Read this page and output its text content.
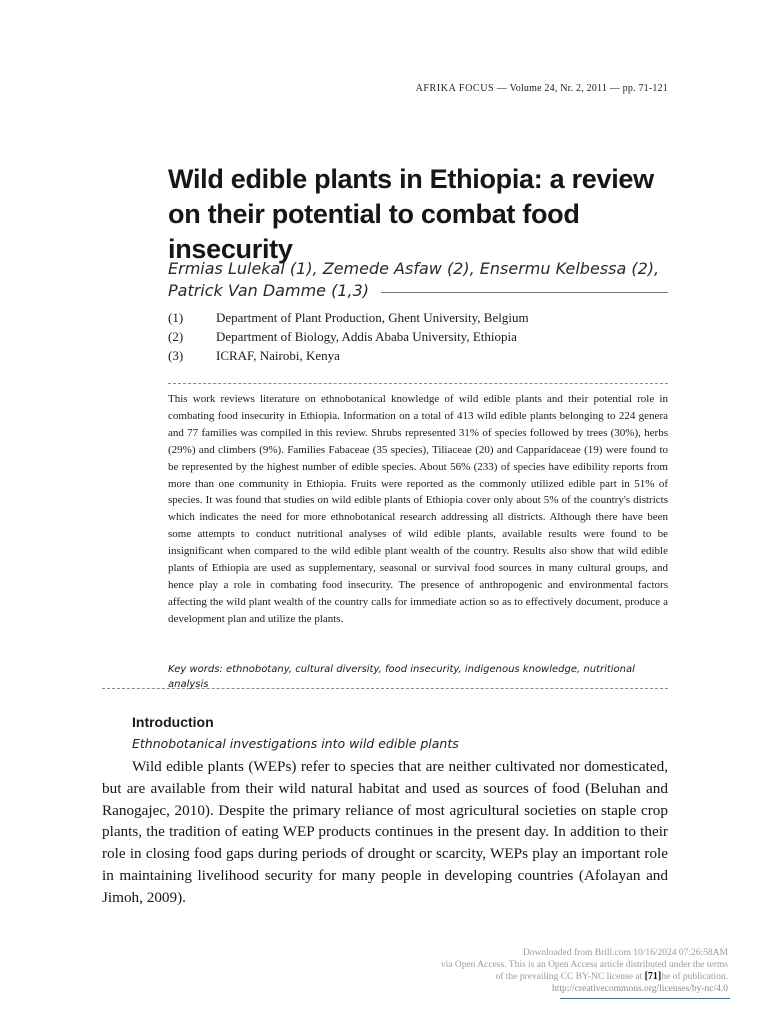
AFRIKA FOCUS — Volume 24, Nr. 2, 2011 — pp. 71-121
Wild edible plants in Ethiopia: a review on their potential to combat food insecurity
Ermias Lulekal (1), Zemede Asfaw (2), Ensermu Kelbessa (2),
Patrick Van Damme (1,3)
(1)	Department of Plant Production, Ghent University, Belgium
(2)	Department of Biology, Addis Ababa University, Ethiopia
(3)	ICRAF, Nairobi, Kenya
This work reviews literature on ethnobotanical knowledge of wild edible plants and their potential role in combating food insecurity in Ethiopia. Information on a total of 413 wild edible plants belonging to 224 genera and 77 families was compiled in this review. Shrubs represented 31% of species followed by trees (30%), herbs (29%) and climbers (9%). Families Fabaceae (35 species), Tiliaceae (20) and Capparidaceae (19) were found to be represented by the highest number of edible species. About 56% (233) of species have edibility reports from more than one community in Ethiopia. Fruits were reported as the commonly utilized edible part in 51% of species. It was found that studies on wild edible plants of Ethiopia cover only about 5% of the country's districts which indicates the need for more ethnobotanical research addressing all districts. Although there have been some attempts to conduct nutritional analyses of wild edible plants, available results were found to be insignificant when compared to the wild edible plant wealth of the country. Results also show that wild edible plants of Ethiopia are used as supplementary, seasonal or survival food sources in many cultural groups, and hence play a role in combating food insecurity. The presence of anthropogenic and environmental factors affecting the wild plant wealth of the country calls for immediate action so as to effectively document, produce a development plan and utilize the plants.
Key words: ethnobotany, cultural diversity, food insecurity, indigenous knowledge, nutritional analysis
Introduction
Ethnobotanical investigations into wild edible plants
Wild edible plants (WEPs) refer to species that are neither cultivated nor domesticated, but are available from their wild natural habitat and used as sources of food (Beluhan and Ranogajec, 2010). Despite the primary reliance of most agricultural societies on staple crop plants, the tradition of eating WEP products continues in the present day. In addition to their role in closing food gaps during periods of drought or scarcity, WEPs play an important role in maintaining livelihood security for many people in developing countries (Afolayan and Jimoh, 2009).
Downloaded from Brill.com 10/16/2024 07:26:58AM
via Open Access. This is an Open Access article distributed under the terms
of the prevailing CC BY-NC license at [71]he of publication.
http://creativecommons.org/licenses/by-nc/4.0
